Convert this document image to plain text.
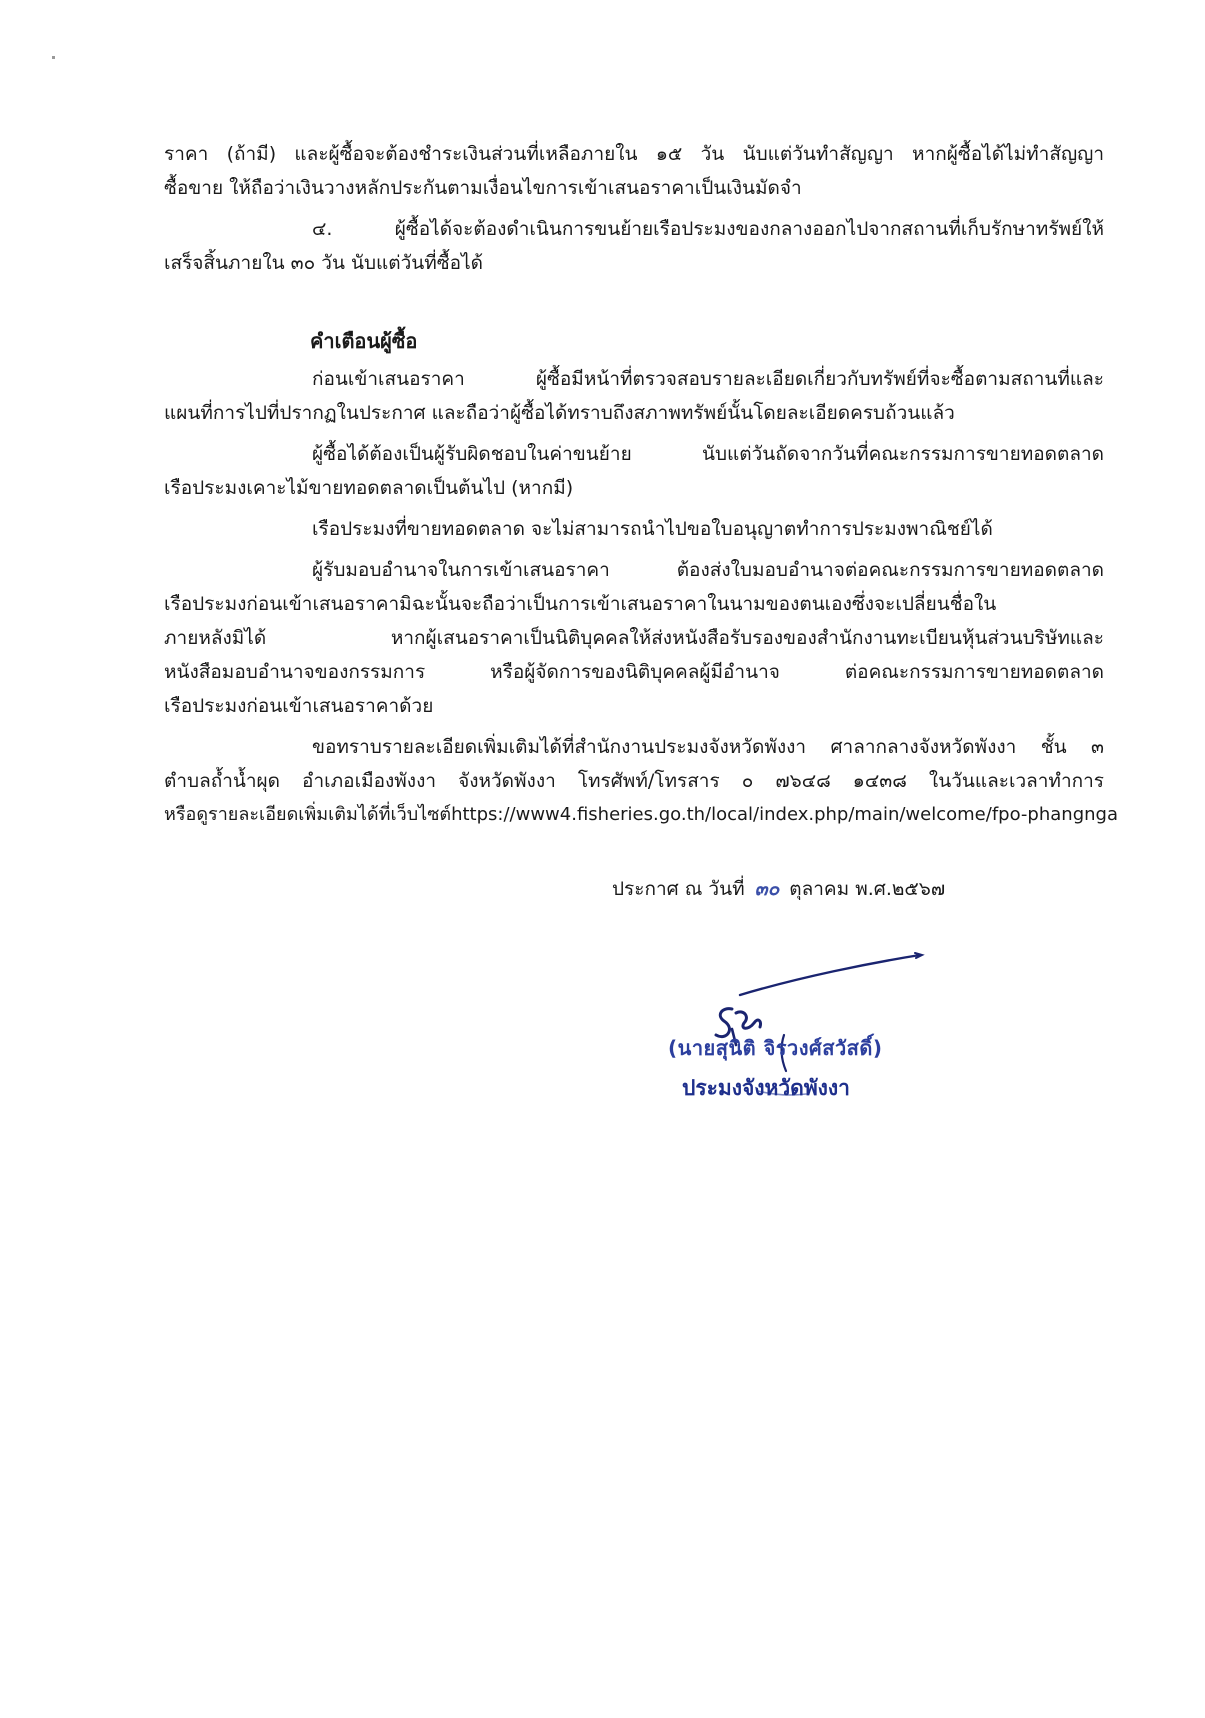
ราคา (ถ้ามี) และผู้ซื้อจะต้องชำระเงินส่วนที่เหลือภายใน ๑๕ วัน นับแต่วันทำสัญญา หากผู้ซื้อได้ไม่ทำสัญญา
ซื้อขาย ให้ถือว่าเงินวางหลักประกันตามเงื่อนไขการเข้าเสนอราคาเป็นเงินมัดจำ
๔. ผู้ซื้อได้จะต้องดำเนินการขนย้ายเรือประมงของกลางออกไปจากสถานที่เก็บรักษาทรัพย์ให้
เสร็จสิ้นภายใน ๓๐ วัน นับแต่วันที่ซื้อได้
คำเตือนผู้ซื้อ
ก่อนเข้าเสนอราคา ผู้ซื้อมีหน้าที่ตรวจสอบรายละเอียดเกี่ยวกับทรัพย์ที่จะซื้อตามสถานที่และ
แผนที่การไปที่ปรากฏในประกาศ และถือว่าผู้ซื้อได้ทราบถึงสภาพทรัพย์นั้นโดยละเอียดครบถ้วนแล้ว
ผู้ซื้อได้ต้องเป็นผู้รับผิดชอบในค่าขนย้าย นับแต่วันถัดจากวันที่คณะกรรมการขายทอดตลาด
เรือประมงเคาะไม้ขายทอดตลาดเป็นต้นไป (หากมี)
เรือประมงที่ขายทอดตลาด จะไม่สามารถนำไปขอใบอนุญาตทำการประมงพาณิชย์ได้
ผู้รับมอบอำนาจในการเข้าเสนอราคา ต้องส่งใบมอบอำนาจต่อคณะกรรมการขายทอดตลาด
เรือประมงก่อนเข้าเสนอราคามิฉะนั้นจะถือว่าเป็นการเข้าเสนอราคาในนามของตนเองซึ่งจะเปลี่ยนชื่อใน
ภายหลังมิได้ หากผู้เสนอราคาเป็นนิติบุคคลให้ส่งหนังสือรับรองของสำนักงานทะเบียนหุ้นส่วนบริษัทและ
หนังสือมอบอำนาจของกรรมการ หรือผู้จัดการของนิติบุคคลผู้มีอำนาจ ต่อคณะกรรมการขายทอดตลาด
เรือประมงก่อนเข้าเสนอราคาด้วย
ขอทราบรายละเอียดเพิ่มเติมได้ที่สำนักงานประมงจังหวัดพังงา ศาลากลางจังหวัดพังงา ชั้น ๓
ตำบลถ้ำน้ำผุด อำเภอเมืองพังงา จังหวัดพังงา โทรศัพท์/โทรสาร ๐ ๗๖๔๘ ๑๔๓๘ ในวันและเวลาทำการ
หรือดูรายละเอียดเพิ่มเติมได้ที่เว็บไซต์https://www4.fisheries.go.th/local/index.php/main/welcome/fpo-phangnga
ประกาศ ณ วันที่ ๓๐ ตุลาคม พ.ศ.๒๕๖๗
(นายสุนิติ จิรวงศ์สวัสดิ์)
ประมงจังหวัดพังงา
